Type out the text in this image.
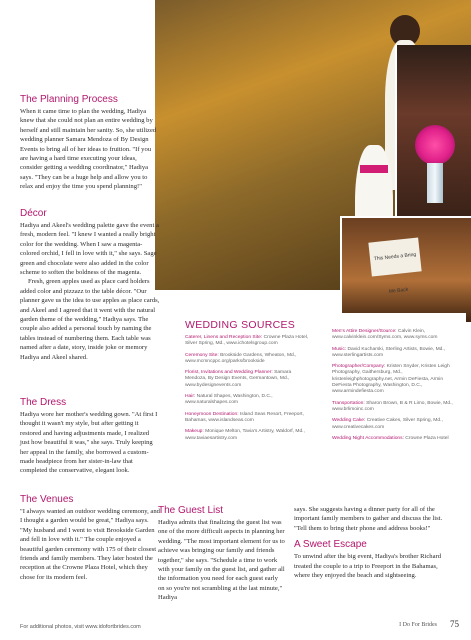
This Needs a Bring Me Back
The Planning Process

When it came time to plan the wedding, Hadiya knew that she could not plan an entire wedding by herself and still maintain her sanity. So, she utilized wedding planner Samara Mendoza of By Design Events to bring all of her ideas to fruition. "If you are having a hard time executing your ideas, consider getting a wedding coordinator," Hadiya says. "They can be a huge help and allow you to relax and enjoy the time you spend planning!"

Décor

Hadiya and Akeel's wedding palette gave the event a fresh, modern feel. "I knew I wanted a really bright color for the wedding. When I saw a magenta-colored orchid, I fell in love with it," she says. Sage green and chocolate were also added in the color scheme to soften the boldness of the magenta.

Fresh, green apples used as place card holders added color and pizzazz to the table décor. "Our planner gave us the idea to use apples as place cards, and Akeel and I agreed that it went with the natural garden theme of the wedding," Hadiya says. The couple also added a personal touch by naming the tables instead of numbering them. Each table was named after a date, story, inside joke or memory Hadiya and Akeel shared.

The Dress

Hadiya wore her mother's wedding gown. "At first I thought it wasn't my style, but after getting it restored and having adjustments made, I realized just how beautiful it was," she says. Truly keeping her appeal in the family, she borrowed a custom-made headpiece from her sister-in-law that completed the conservative, elegant look.

The Venues

"I always wanted an outdoor wedding ceremony, and I thought a garden would be great," Hadiya says. "My husband and I went to visit Brookside Garden and fell in love with it." The couple enjoyed a beautiful garden ceremony with 175 of their closest friends and family members. They later hosted the reception at the Crowne Plaza Hotel, which they chose for its modern feel.

WEDDING SOURCES
Caterer, Linens and Reception Site: Crowne Plaza Hotel, Silver Spring, Md., www.ichotelsgroup.com
Ceremony Site: Brookside Gardens, Wheaton, Md., www.mcmncppc.org/parks/brookside
Florist, Invitations and Wedding Planner: Samara Mendoza, By Design Events, Germantown, Md., www.bydesignevents.com
Hair: Natural Shapes, Washington, D.C., www.naturalshapes.com
Honeymoon Destination: Island Seas Resort, Freeport, Bahamas, www.islandseas.com
Makeup: Monique Melton, Tavia's Artistry, Waldorf, Md., www.taviaesartistry.com
Men's Attire Designer/Source: Calvin Klein, www.calvinklein.com/Syms.com, www.syms.com
Music: David Kucharski, Sterling Artists, Bowie, Md., www.sterlingartists.com
Photographer/Company: Kristen Snyder, Kristen Leigh Photography, Gaithersburg, Md., kristenleighphotography.net, Armin DeFiesta, Armin DeFiesta Photography, Washington, D.C., www.armindefiesta.com
Transportation: Sharon Brown, B & R Limo, Bowie, Md., www.brlimoinc.com
Wedding Cake: Creative Cakes, Silver Spring, Md., www.creativecakes.com
Wedding Night Accommodations: Crowne Plaza Hotel
The Guest List

Hadiya admits that finalizing the guest list was one of the more difficult aspects in planning her wedding. "The most important element for us to achieve was bringing our family and friends together," she says. "Schedule a time to work with your family on the guest list, and gather all the information you need for each guest early on so you're not scrambling at the last minute," Hadiya

says. She suggests having a dinner party for all of the important family members to gather and discuss the list. "Tell them to bring their phone and address books!"

A Sweet Escape

To unwind after the big event, Hadiya's brother Richard treated the couple to a trip to Freeport in the Bahamas, where they enjoyed the beach and sightseeing.

For additional photos, visit www.idofortbrides.com	I Do For Brides 75
